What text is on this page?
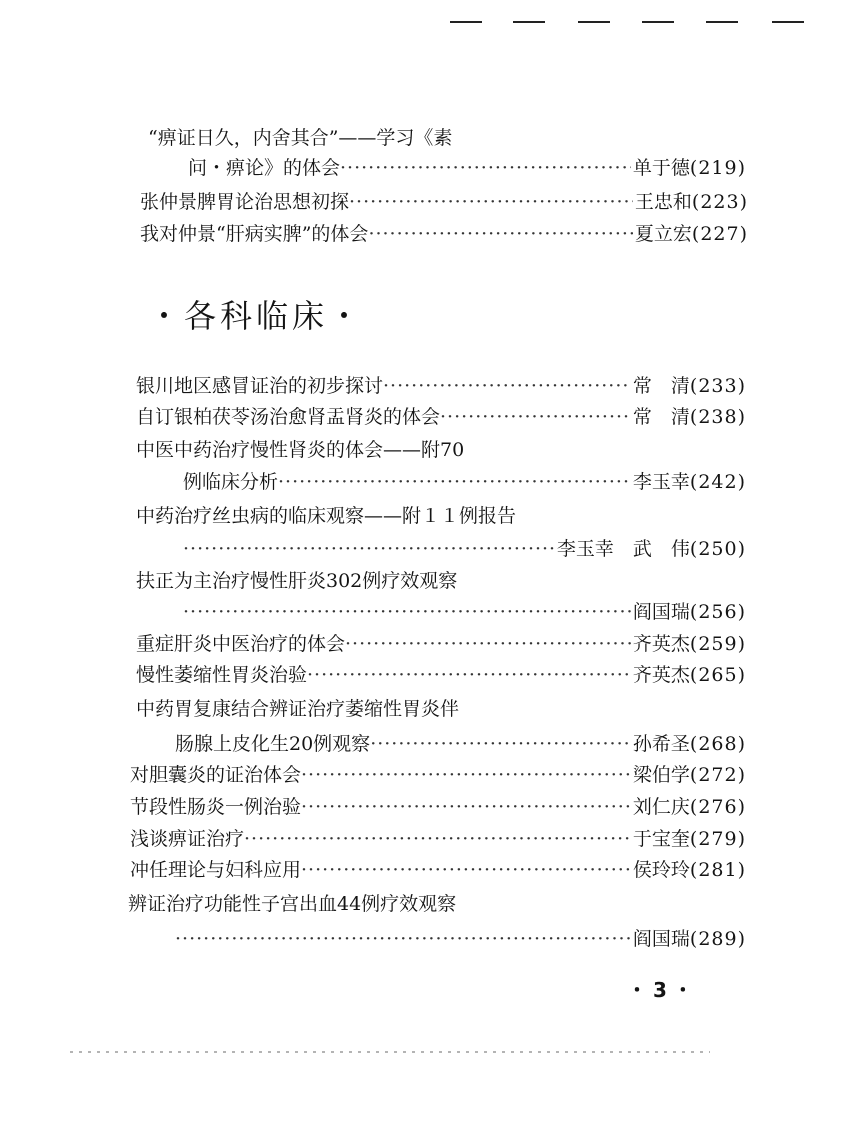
“痹证日久，内舍其合”——学习《素
问・痹论》的体会 ·····	单于德 (219)
张仲景脾胃论治思想初探 ·····	王忠和 (223)
我对仲景“肝病实脾”的体会 ·····	夏立宏 (227)
・各科临床・
银川地区感冒证治的初步探讨 ·····	常　清 (233)
自订银柏茯苓汤治愈肾盂肾炎的体会 ·····	常　清 (238)
中医中药治疗慢性肾炎的体会——附70
例临床分析 ·····	李玉幸 (242)
中药治疗丝虫病的临床观察——附１１例报告
·····
李玉幸　武　伟 (250)
扶正为主治疗慢性肝炎302例疗效观察
·····
阎国瑞 (256)
重症肝炎中医治疗的体会 ·····	齐英杰 (259)
慢性萎缩性胃炎治验 ·····	齐英杰 (265)
中药胃复康结合辨证治疗萎缩性胃炎伴
肠腺上皮化生20例观察 ·····	孙希圣 (268)
对胆囊炎的证治体会 ·····	梁伯学 (272)
节段性肠炎一例治验 ·····	刘仁庆 (276)
浅谈痹证治疗 ·····	于宝奎 (279)
冲任理论与妇科应用 ·····	侯玲玲 (281)
辨证治疗功能性子宫出血44例疗效观察
·····
阎国瑞 (289)
・3・
